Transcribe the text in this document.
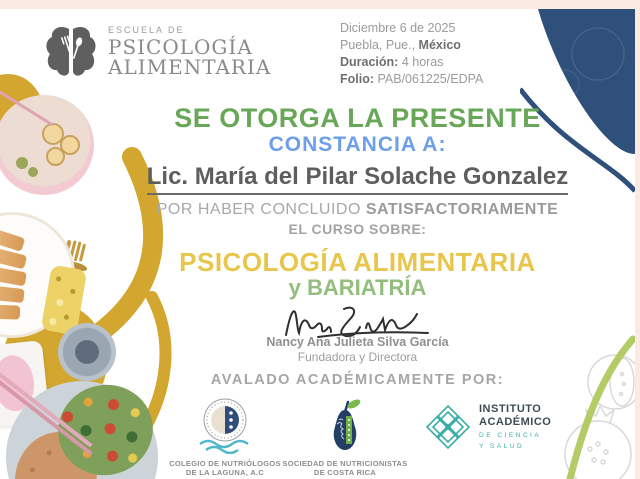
ESCUELA DE
PSICOLOGÍA
ALIMENTARIA
Diciembre 6 de 2025
Puebla, Pue., México
Duración: 4 horas
Folio: PAB/061225/EDPA
SE OTORGA LA PRESENTE
CONSTANCIA A:
Lic. María del Pilar Solache Gonzalez
POR HABER CONCLUIDO SATISFACTORIAMENTE
EL CURSO SOBRE:
PSICOLOGÍA ALIMENTARIA
y BARIATRÍA
Nancy Ana Julieta Silva García
Fundadora y Directora
AVALADO ACADÉMICAMENTE POR:
COLEGIO DE NUTRIÓLOGOS
DE LA LAGUNA, A.C
SOCIEDAD DE NUTRICIONISTAS
DE COSTA RICA
INSTITUTO
ACADÉMICO
DE CIENCIA
Y SALUD
